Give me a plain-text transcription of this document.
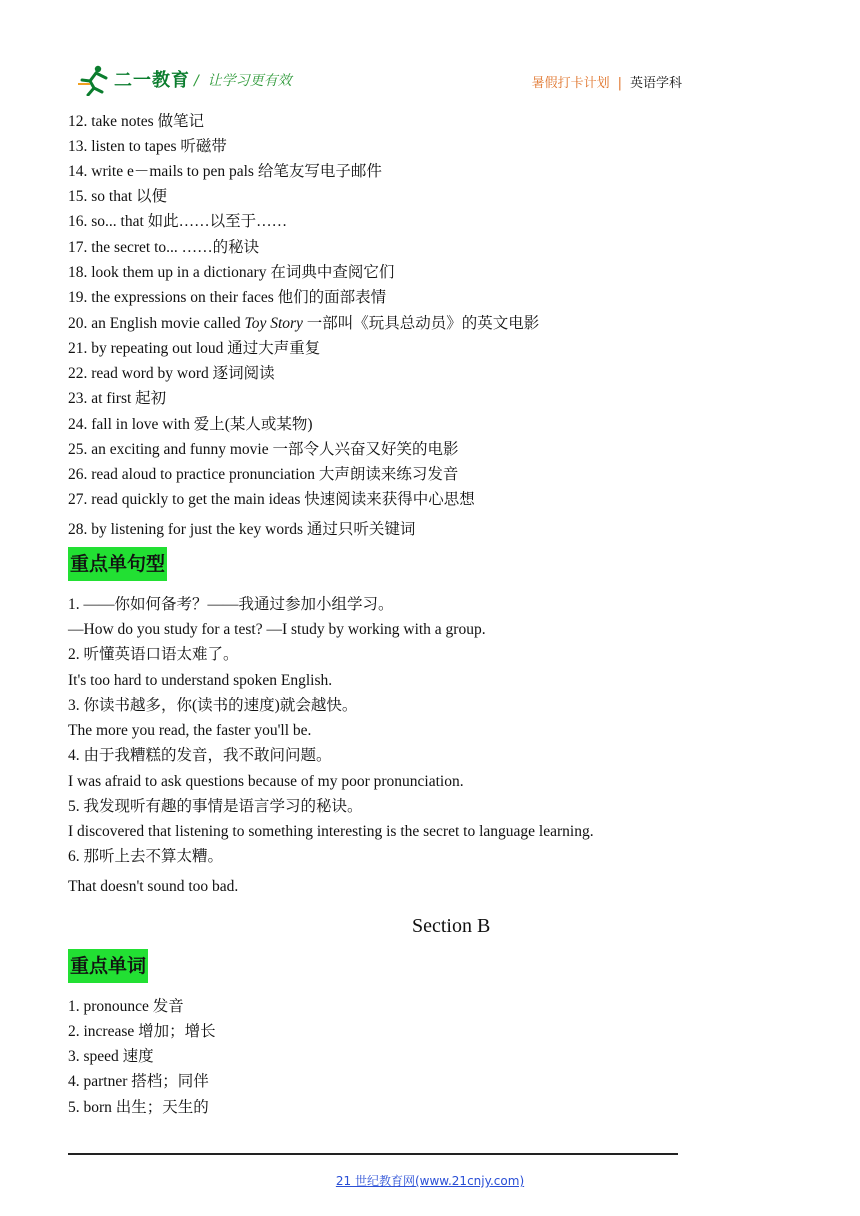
二一教育 /  让学习更有效	暑假打卡计划 | 英语学科
12. take notes 做笔记
13. listen to tapes 听磁带
14. write e－mails to pen pals 给笔友写电子邮件
15. so that 以便
16. so... that 如此……以至于……
17. the secret to... ……的秘诀
18. look them up in a dictionary 在词典中查阅它们
19. the expressions on their faces 他们的面部表情
20. an English movie called Toy Story 一部叫《玩具总动员》的英文电影
21. by repeating out loud 通过大声重复
22. read word by word 逐词阅读
23. at first 起初
24. fall in love with 爱上(某人或某物)
25. an exciting and funny movie 一部令人兴奋又好笑的电影
26. read aloud to practice pronunciation 大声朗读来练习发音
27. read quickly to get the main ideas 快速阅读来获得中心思想
28. by listening for just the key words 通过只听关键词
重点单句型
1. ——你如何备考？——我通过参加小组学习。
—How do you study for a test? —I study by working with a group.
2. 听懂英语口语太难了。
It's too hard to understand spoken English.
3. 你读书越多，你(读书的速度)就会越快。
The more you read, the faster you'll be.
4. 由于我糟糕的发音，我不敢问问题。
I was afraid to ask questions because of my poor pronunciation.
5. 我发现听有趣的事情是语言学习的秘诀。
I discovered that listening to something interesting is the secret to language learning.
6. 那听上去不算太糟。
That doesn't sound too bad.
Section B
重点单词
1. pronounce 发音
2. increase 增加；增长
3. speed 速度
4. partner 搭档；同伴
5. born 出生；天生的
21 世纪教育网(www.21cnjy.com)
